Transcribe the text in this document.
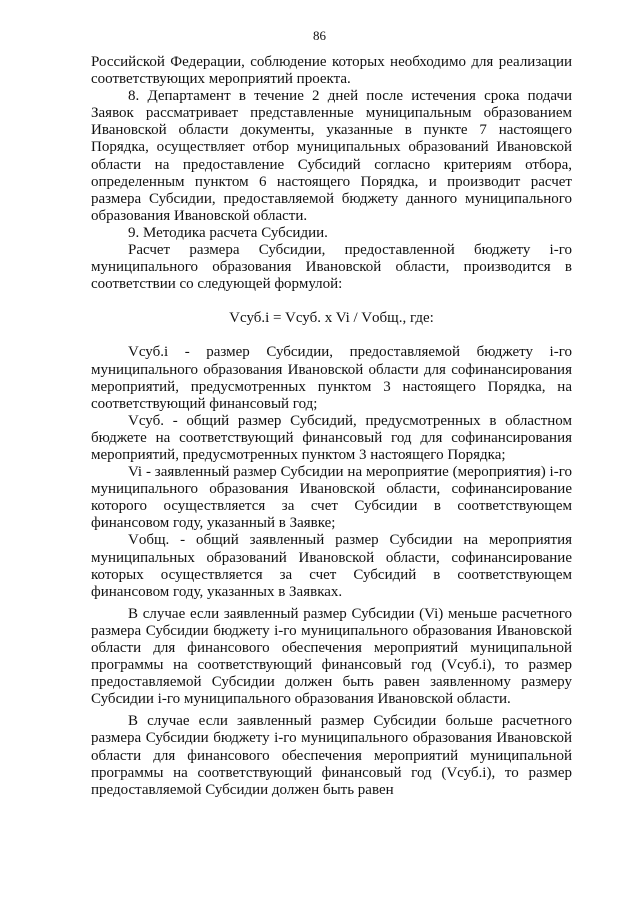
86

Российской Федерации, соблюдение которых необходимо для реализации соответствующих мероприятий проекта.

8. Департамент в течение 2 дней после истечения срока подачи Заявок рассматривает представленные муниципальным образованием Ивановской области документы, указанные в пункте 7 настоящего Порядка, осуществляет отбор муниципальных образований Ивановской области на предоставление Субсидий согласно критериям отбора, определенным пунктом 6 настоящего Порядка, и производит расчет размера Субсидии, предоставляемой бюджету данного муниципального образования Ивановской области.

9. Методика расчета Субсидии.

Расчет размера Субсидии, предоставленной бюджету i-го муниципального образования Ивановской области, производится в соответствии со следующей формулой:

Vсуб.i = Vсуб. x Vi / Vобщ., где:

Vсуб.i - размер Субсидии, предоставляемой бюджету i-го муниципального образования Ивановской области для софинансирования мероприятий, предусмотренных пунктом 3 настоящего Порядка, на соответствующий финансовый год;

Vсуб. - общий размер Субсидий, предусмотренных в областном бюджете на соответствующий финансовый год для софинансирования мероприятий, предусмотренных пунктом 3 настоящего Порядка;

Vi - заявленный размер Субсидии на мероприятие (мероприятия) i-го муниципального образования Ивановской области, софинансирование которого осуществляется за счет Субсидии в соответствующем финансовом году, указанный в Заявке;

Vобщ. - общий заявленный размер Субсидии на мероприятия муниципальных образований Ивановской области, софинансирование которых осуществляется за счет Субсидий в соответствующем финансовом году, указанных в Заявках.

В случае если заявленный размер Субсидии (Vi) меньше расчетного размера Субсидии бюджету i-го муниципального образования Ивановской области для финансового обеспечения мероприятий муниципальной программы на соответствующий финансовый год (Vсуб.i), то размер предоставляемой Субсидии должен быть равен заявленному размеру Субсидии i-го муниципального образования Ивановской области.

В случае если заявленный размер Субсидии больше расчетного размера Субсидии бюджету i-го муниципального образования Ивановской области для финансового обеспечения мероприятий муниципальной программы на соответствующий финансовый год (Vсуб.i), то размер предоставляемой Субсидии должен быть равен
